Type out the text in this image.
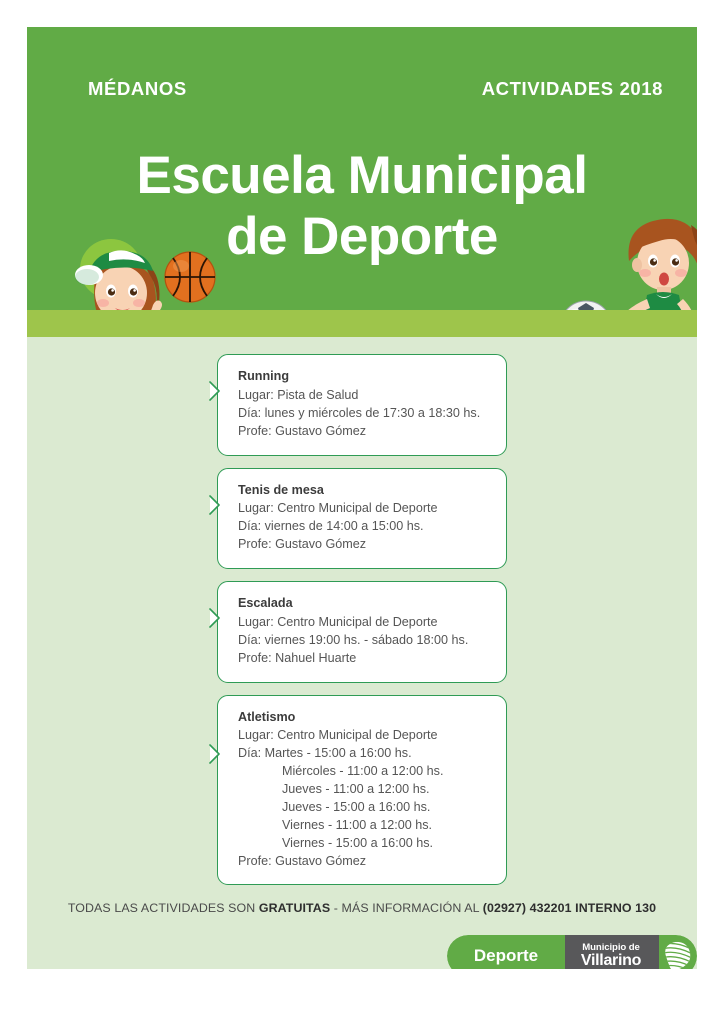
MÉDANOS	ACTIVIDADES 2018
Escuela Municipal
de Deporte
Running
Lugar: Pista de Salud
Día: lunes y miércoles de 17:30 a 18:30 hs.
Profe: Gustavo Gómez
Tenis de mesa
Lugar: Centro Municipal de Deporte
Día: viernes de 14:00 a 15:00 hs.
Profe: Gustavo Gómez
Escalada
Lugar: Centro Municipal de Deporte
Día: viernes 19:00 hs. - sábado 18:00 hs.
Profe: Nahuel Huarte
Atletismo
Lugar: Centro Municipal de Deporte
Día: Martes - 15:00 a 16:00 hs.
Miércoles - 11:00 a 12:00 hs.
Jueves - 11:00 a 12:00 hs.
Jueves - 15:00 a 16:00 hs.
Viernes - 11:00 a 12:00 hs.
Viernes - 15:00 a 16:00 hs.
Profe: Gustavo Gómez
TODAS LAS ACTIVIDADES SON GRATUITAS - MÁS INFORMACIÓN AL (02927) 432201 INTERNO 130
Deporte	Municipio de
Villarino
